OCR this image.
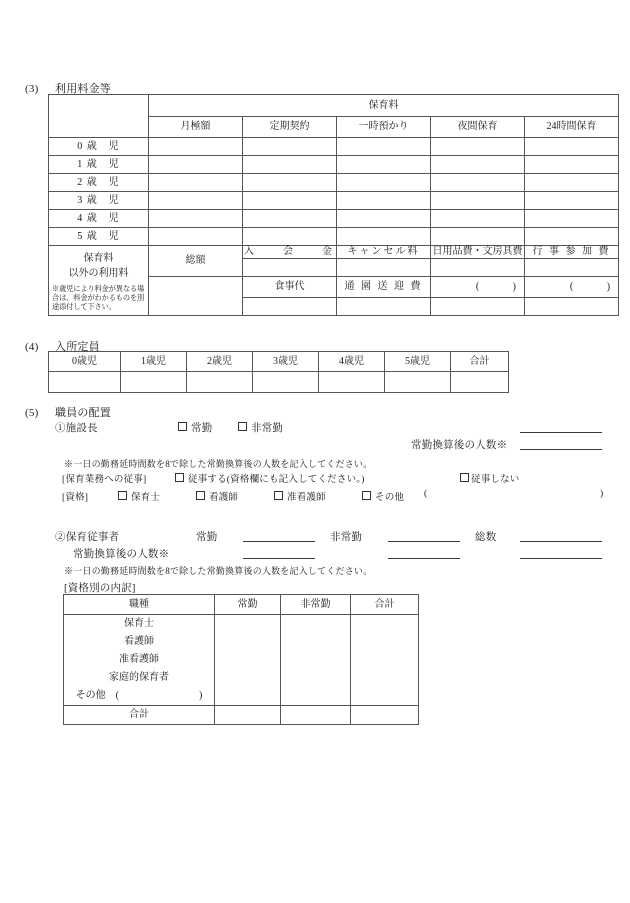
(3) 利用料金等
	保育料				
	月極額	定期契約	一時預かり	夜間保育	24時間保育
0 歳　児					
1 歳　児					
2 歳　児					
3 歳　児					
4 歳　児					
5 歳　児					

保育料
以外の利用料
※歳児により料金が異なる場合は、料金がわかるものを別途添付して下さい。	総額	入　　会　　金	キャンセル料	日用品費・文房具費	行 事 参 加 費

		食事代	通 園 送 迎 費	( )	( )

(4) 入所定員
0歳児	1歳児	2歳児	3歳児	4歳児	5歳児	合計

(5) 職員の配置
①施設長	常勤	非常勤
常勤換算後の人数※
※一日の勤務延時間数を8で除した常勤換算後の人数を記入してください。
[保育業務への従事]	従事する(資格欄にも記入してください。)	従事しない
[資格]	保育士	看護師	准看護師	その他 (	)
②保育従事者	常勤	非常勤	総数
常勤換算後の人数※
※一日の勤務延時間数を8で除した常勤換算後の人数を記入してください。
[資格別の内訳]
職種	常勤	非常勤	合計
保育士			
看護師			
准看護師			
家庭的保育者			
その他　(　　　　　　　　)			
合計			
